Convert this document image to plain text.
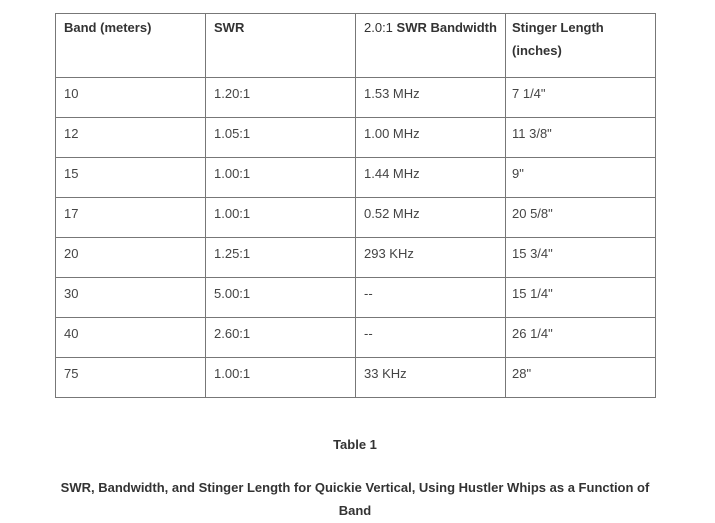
Band (meters)	SWR	2.0:1 SWR Bandwidth	Stinger Length (inches)
10	1.20:1	1.53 MHz	7 1/4"
12	1.05:1	1.00 MHz	11 3/8"
15	1.00:1	1.44 MHz	9"
17	1.00:1	0.52 MHz	20 5/8"
20	1.25:1	293 KHz	15 3/4"
30	5.00:1	--	15 1/4"
40	2.60:1	--	26 1/4"
75	1.00:1	33 KHz	28"
Table 1
SWR, Bandwidth, and Stinger Length for Quickie Vertical, Using Hustler Whips as a Function of Band
